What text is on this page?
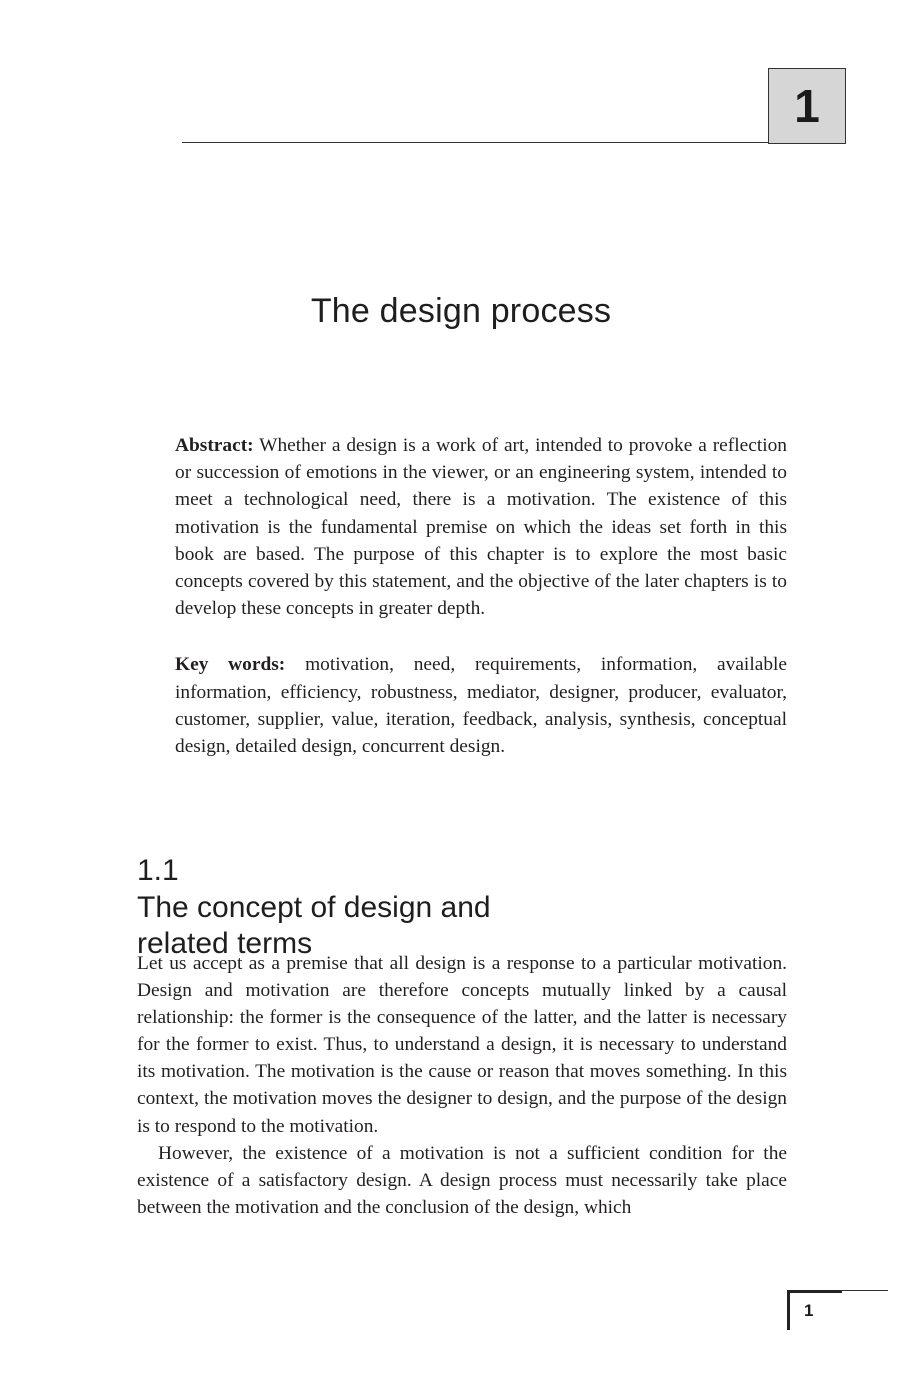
1
The design process

Abstract: Whether a design is a work of art, intended to provoke a reflection or succession of emotions in the viewer, or an engineering system, intended to meet a technological need, there is a motivation. The existence of this motivation is the fundamental premise on which the ideas set forth in this book are based. The purpose of this chapter is to explore the most basic concepts covered by this statement, and the objective of the later chapters is to develop these concepts in greater depth.

Key words: motivation, need, requirements, information, available information, efficiency, robustness, mediator, designer, producer, evaluator, customer, supplier, value, iteration, feedback, analysis, synthesis, conceptual design, detailed design, concurrent design.

1.1
The concept of design and
related terms

Let us accept as a premise that all design is a response to a particular motivation. Design and motivation are therefore concepts mutually linked by a causal relationship: the former is the consequence of the latter, and the latter is necessary for the former to exist. Thus, to understand a design, it is necessary to understand its motivation. The motivation is the cause or reason that moves something. In this context, the motivation moves the designer to design, and the purpose of the design is to respond to the motivation.

However, the existence of a motivation is not a sufficient condition for the existence of a satisfactory design. A design process must necessarily take place between the motivation and the conclusion of the design, which

1
